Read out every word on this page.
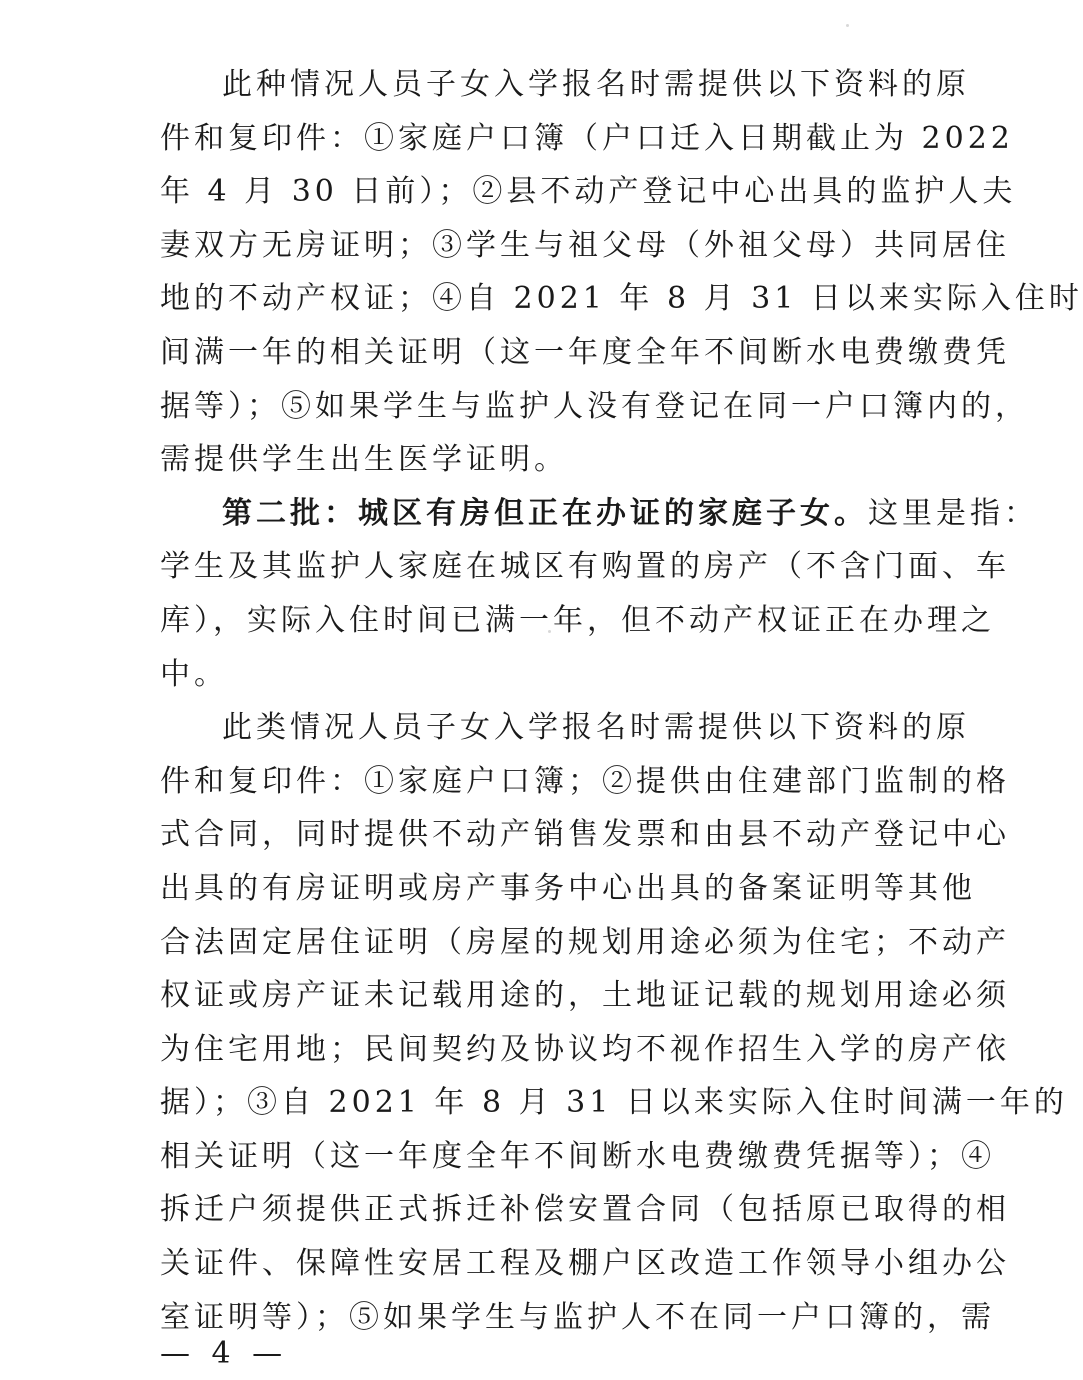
此种情况人员子女入学报名时需提供以下资料的原
件和复印件：①家庭户口簿（户口迁入日期截止为 2022
年 4 月 30 日前）；②县不动产登记中心出具的监护人夫
妻双方无房证明；③学生与祖父母（外祖父母）共同居住
地的不动产权证；④自 2021 年 8 月 31 日以来实际入住时
间满一年的相关证明（这一年度全年不间断水电费缴费凭
据等）；⑤如果学生与监护人没有登记在同一户口簿内的，
需提供学生出生医学证明。
第二批：城区有房但正在办证的家庭子女。这里是指：
学生及其监护人家庭在城区有购置的房产（不含门面、车
库），实际入住时间已满一年，但不动产权证正在办理之
中。
此类情况人员子女入学报名时需提供以下资料的原
件和复印件：①家庭户口簿；②提供由住建部门监制的格
式合同，同时提供不动产销售发票和由县不动产登记中心
出具的有房证明或房产事务中心出具的备案证明等其他
合法固定居住证明（房屋的规划用途必须为住宅；不动产
权证或房产证未记载用途的，土地证记载的规划用途必须
为住宅用地；民间契约及协议均不视作招生入学的房产依
据）；③自 2021 年 8 月 31 日以来实际入住时间满一年的
相关证明（这一年度全年不间断水电费缴费凭据等）；④
拆迁户须提供正式拆迁补偿安置合同（包括原已取得的相
关证件、保障性安居工程及棚户区改造工作领导小组办公
室证明等）；⑤如果学生与监护人不在同一户口簿的，需
— 4 —
